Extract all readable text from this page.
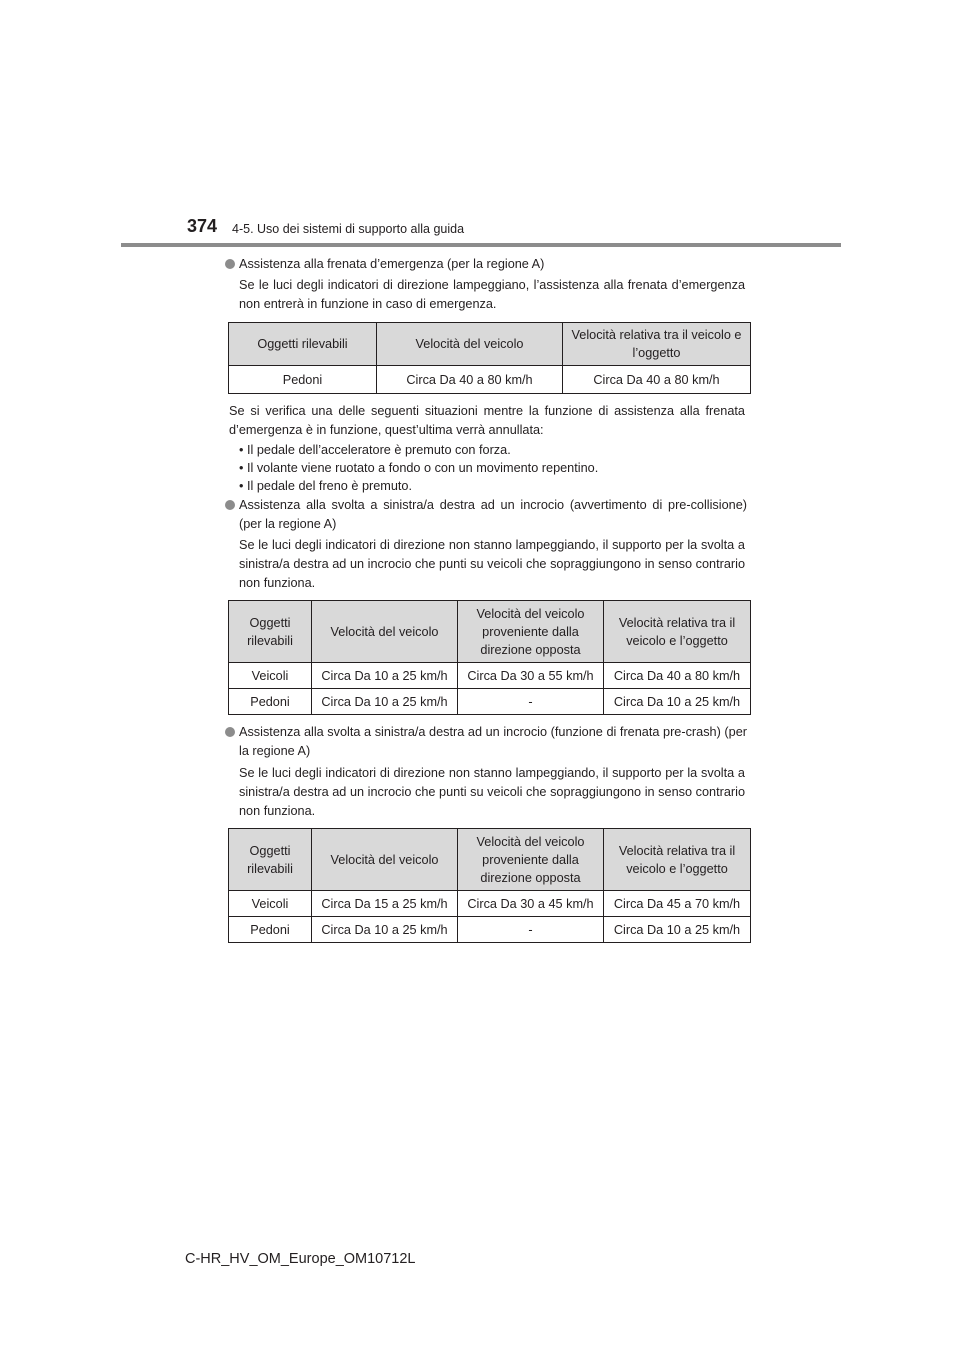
374 4-5. Uso dei sistemi di supporto alla guida
Assistenza alla frenata d’emergenza (per la regione A)
Se le luci degli indicatori di direzione lampeggiano, l’assistenza alla frenata d’emergenza non entrerà in funzione in caso di emergenza.
Oggetti rilevabili	Velocità del veicolo	Velocità relativa tra il veicolo e l’oggetto
Pedoni	Circa Da 40 a 80 km/h	Circa Da 40 a 80 km/h
Se si verifica una delle seguenti situazioni mentre la funzione di assistenza alla frenata d’emergenza è in funzione, quest’ultima verrà annullata:
• Il pedale dell’acceleratore è premuto con forza.
• Il volante viene ruotato a fondo o con un movimento repentino.
• Il pedale del freno è premuto.
Assistenza alla svolta a sinistra/a destra ad un incrocio (avvertimento di pre-collisione) (per la regione A)
Se le luci degli indicatori di direzione non stanno lampeggiando, il supporto per la svolta a sinistra/a destra ad un incrocio che punti su veicoli che sopraggiungono in senso contrario non funziona.
Oggetti rilevabili	Velocità del veicolo	Velocità del veicolo proveniente dalla direzione opposta	Velocità relativa tra il veicolo e l’oggetto
Veicoli	Circa Da 10 a 25 km/h	Circa Da 30 a 55 km/h	Circa Da 40 a 80 km/h
Pedoni	Circa Da 10 a 25 km/h	-	Circa Da 10 a 25 km/h
Assistenza alla svolta a sinistra/a destra ad un incrocio (funzione di frenata pre-crash) (per la regione A)
Se le luci degli indicatori di direzione non stanno lampeggiando, il supporto per la svolta a sinistra/a destra ad un incrocio che punti su veicoli che sopraggiungono in senso contrario non funziona.
Oggetti rilevabili	Velocità del veicolo	Velocità del veicolo proveniente dalla direzione opposta	Velocità relativa tra il veicolo e l’oggetto
Veicoli	Circa Da 15 a 25 km/h	Circa Da 30 a 45 km/h	Circa Da 45 a 70 km/h
Pedoni	Circa Da 10 a 25 km/h	-	Circa Da 10 a 25 km/h
C-HR_HV_OM_Europe_OM10712L
